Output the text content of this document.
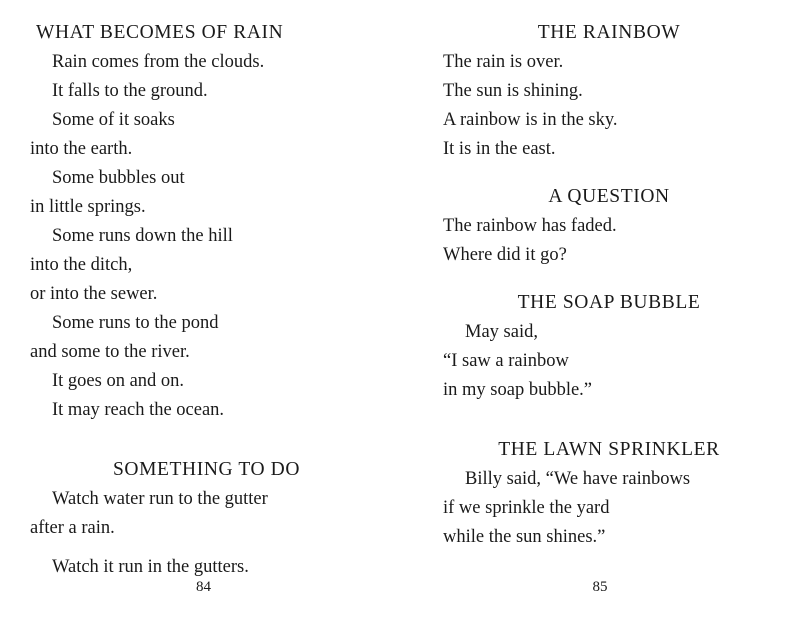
WHAT BECOMES OF RAIN
Rain comes from the clouds.
It falls to the ground.
Some of it soaks
into the earth.
Some bubbles out
in little springs.
Some runs down the hill
into the ditch,
or into the sewer.
Some runs to the pond
and some to the river.
It goes on and on.
It may reach the ocean.
SOMETHING TO DO
Watch water run to the gutter
after a rain.
Watch it run in the gutters.
84
THE RAINBOW
The rain is over.
The sun is shining.
A rainbow is in the sky.
It is in the east.
A QUESTION
The rainbow has faded.
Where did it go?
THE SOAP BUBBLE
May said,
“I saw a rainbow
in my soap bubble.”
THE LAWN SPRINKLER
Billy said, “We have rainbows
if we sprinkle the yard
while the sun shines.”
85
